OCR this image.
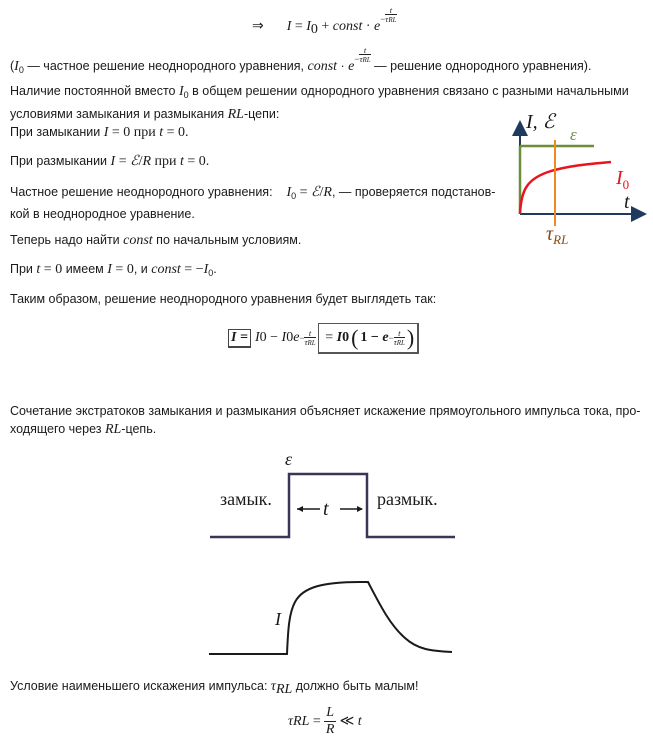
⇒ $I = I_0$ + const · $e^- \frac{t}{\text{τRL}}$
($I_0$ — частное решение неоднородного уравнения, const · $e^- \frac{t}{\text{τRL}}$
— решение однородного уравнения).
Наличие постоянной вместо $I_0$ в общем решении однородного уравнения связано с разными начальными
условиями замыкания и размыкания RL-цепи:
При замыкании I = 0 при t = 0.
При размыкании I = ℰ/R при t = 0.
Частное решение неоднородного уравнения:    $I_0$ = ℰ/R, — проверяется подстанов-
кой в неоднородное уравнение.
I, ℰ
ε
$I_0$
t
$\tau_{RL}$
Теперь надо найти const по начальным условиям.
При t = 0 имеем I = 0, и const = $-I_0$.
Таким образом, решение неоднородного уравнения будет выглядеть так:
I = I 0 − I 0 $e - \frac{t}{\text{τRL}} = I$ 0 ( $1 - e - \frac{t}{\text{τRL}}$ )
Сочетание экстратоков замыкания и размыкания объясняет искажение прямоугольного импульса тока, про-
ходящего через RL-цепь.
ε
замык.	размык.
t
I
Условие наименьшего искажения импульса: $\tau_{RL}$ должно быть малым!
τ RL = $\frac{L}{R}$ ≪ t
